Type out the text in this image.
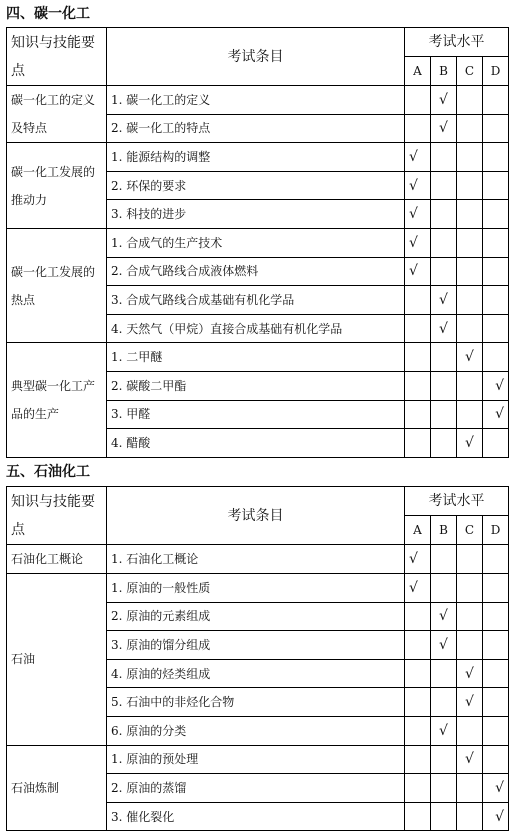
四、碳一化工
知识与技能要点	考试条目	考试水平			
		A	B	C	D
碳一化工的定义及特点	1. 碳一化工的定义		√		
	2. 碳一化工的特点		√		
碳一化工发展的推动力	1. 能源结构的调整	√			
	2. 环保的要求	√			
	3. 科技的进步	√			
碳一化工发展的热点	1. 合成气的生产技术	√			
	2. 合成气路线合成液体燃料	√			
	3. 合成气路线合成基础有机化学品		√		
	4. 天然气（甲烷）直接合成基础有机化学品		√		
典型碳一化工产品的生产	1. 二甲醚			√	
	2. 碳酸二甲酯				√
	3. 甲醛				√
	4. 醋酸			√	
五、石油化工
知识与技能要点	考试条目	考试水平			
		A	B	C	D
石油化工概论	1. 石油化工概论	√			
石油	1. 原油的一般性质	√			
	2. 原油的元素组成		√		
	3. 原油的馏分组成		√		
	4. 原油的烃类组成			√	
	5. 石油中的非烃化合物			√	
	6. 原油的分类		√		
石油炼制	1. 原油的预处理			√	
	2. 原油的蒸馏				√
	3. 催化裂化				√
